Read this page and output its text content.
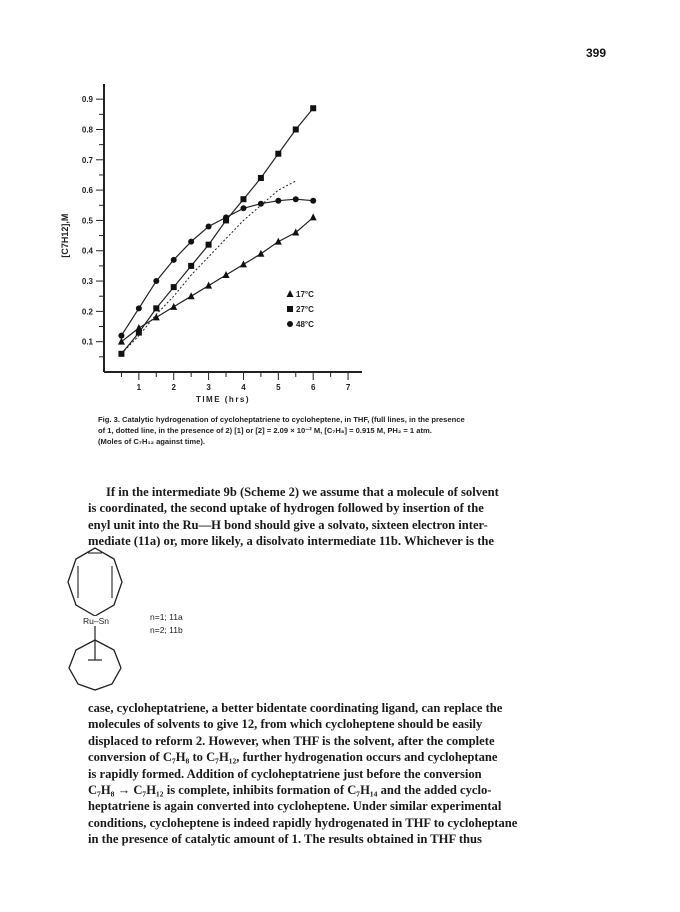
399
0.1
0.2
0.3
0.4
0.5
0.6
0.7
0.8
0.9
1	2	3	4	5	6	7
TIME (hrs)
[C7H12],M
17°C
27°C
48°C

Fig. 3. Catalytic hydrogenation of cycloheptatriene to cycloheptene, in THF, (full lines, in the presence

of 1, dotted line, in the presence of 2) [1] or [2] = 2.09 × 10⁻² M, [C₇H₈] = 0.915 M, PH₂ = 1 atm.

(Moles of C₇H₁₂ against time).

If in the intermediate 9b (Scheme 2) we assume that a molecule of solvent

is coordinated, the second uptake of hydrogen followed by insertion of the

enyl unit into the Ru—H bond should give a solvato, sixteen electron inter-

mediate (11a) or, more likely, a disolvato intermediate 11b. Whichever is the

Ru–Sn	n=1; 11a
n=2; 11b

case, cycloheptatriene, a better bidentate coordinating ligand, can replace the

molecules of solvents to give 12, from which cycloheptene should be easily

displaced to reform 2. However, when THF is the solvent, after the complete

conversion of C₇H₈ to C₇H₁₂, further hydrogenation occurs and cycloheptane

is rapidly formed. Addition of cycloheptatriene just before the conversion

C₇H₈ → C₇H₁₂ is complete, inhibits formation of C₇H₁₄ and the added cyclo-

heptatriene is again converted into cycloheptene. Under similar experimental

conditions, cycloheptene is indeed rapidly hydrogenated in THF to cycloheptane

in the presence of catalytic amount of 1. The results obtained in THF thus
